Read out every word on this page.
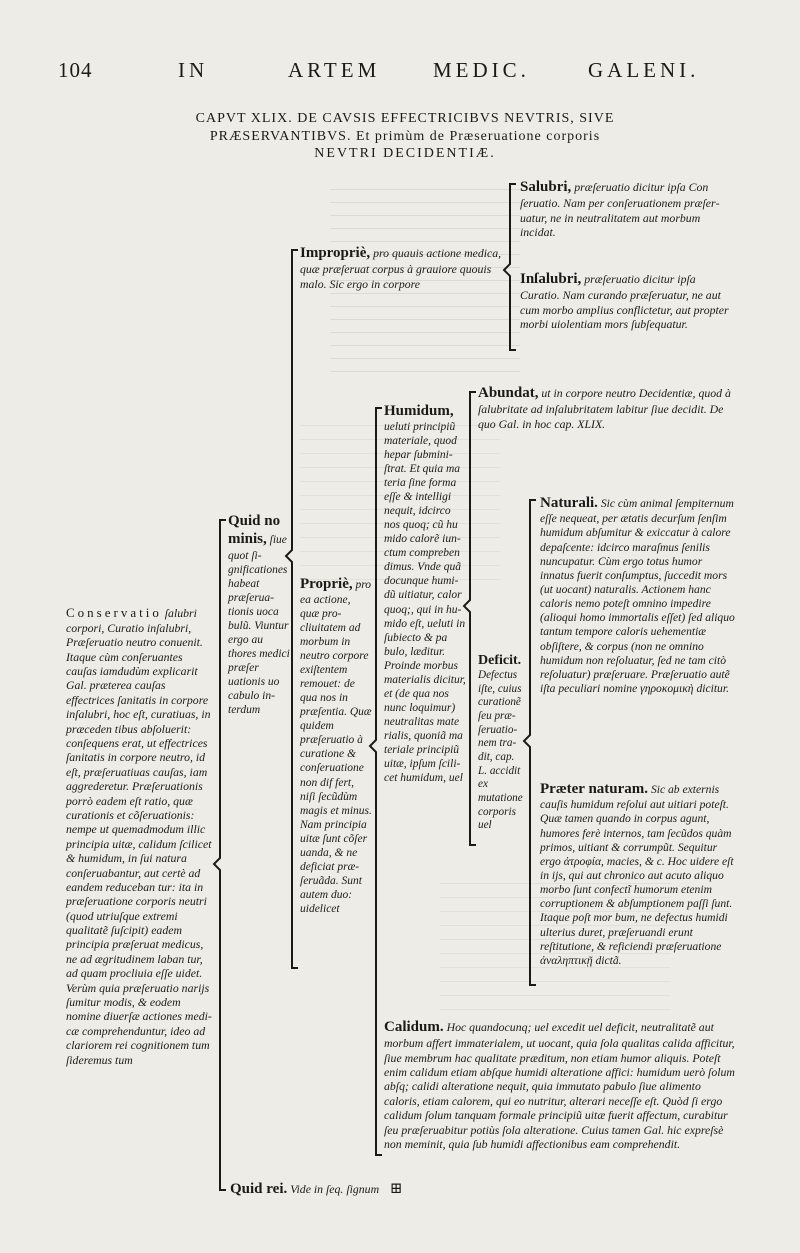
104	IN	ARTEM	MEDIC.	GALENI.
CAPVT XLIX. DE CAVSIS EFFECTRICIBVS NEVTRIS, SIVE
PRÆSERVANTIBVS. Et primùm de Præseruatione corporis
NEVTRI DECIDENTIÆ.
Conservatio ſalubri corpori, Curatio inſalubri, Præſeruatio neutro conuenit. Itaque cùm conſeruantes cauſas iamdudùm explicarit Gal. præterea cauſas effectrices ſanitatis in corpore inſalubri, hoc eſt, curatiuas, in præceden tibus abſoluerit: conſequens erat, ut effectrices ſanitatis in corpore neutro, id eſt, præſeruatiuas cauſas, iam aggrederetur. Præſeruationis porrò eadem eſt ratio, quæ curationis et cõſeruationis: nempe ut quemadmodum illic principia uitæ, calidum ſcilicet & humidum, in ſui natura conſeruabantur, aut certè ad eandem reduceban tur: ita in præſeruatione corporis neutri (quod utriuſque extremi qualitatẽ ſuſcipit) eadem principia præſeruat medicus, ne ad ægritudinem laban tur, ad quam procliuia eſſe uidet. Verùm quia præſeruatio narijs ſumitur modis, & eodem nomine diuerſæ actiones medicæ comprehenduntur, ideo ad clariorem rei cognitionem tum ſideremus tum
Quid no minis, ſiue quot ſignificationes habeat præſeruationis uoca bulũ. Viuntur ergo au thores medici præſer uationis uo cabulo interdum
Impropriè, pro quauis actione medica, quæ præſeruat corpus à grauiore quouis malo. Sic ergo in corpore
Salubri, præſeruatio dicitur ipſa Con ſeruatio. Nam per conſeruationem præſeruatur, ne in neutralitatem aut morbum incidat.
Inſalubri, præſeruatio dicitur ipſa Curatio. Nam curando præſeruatur, ne aut cum morbo amplius conflictetur, aut propter morbi uiolentiam mors ſubſequatur.
Propriè, pro ea actione, quæ procliuitatem ad morbum in neutro corpore exiſtentem remouet: de qua nos in præſentia. Quæ quidem præſeruatio à curatione & conſeruatione non dif fert, niſi ſecũdùm magis et minus. Nam principia uitæ ſunt cõſer uanda, & ne deficiat præſeruãda. Sunt autem duo: uidelicet
Humidum, ueluti principiũ materiale, quod hepar ſubminiſtrat. Et quia ma teria ſine forma eſſe & intelligi nequit, idcirco nos quoq; cũ hu mido calorẽ iunctum compreben dimus. Vnde quã docunque humidũ uitiatur, calor quoq;, qui in humido eſt, ueluti in ſubiecto & pa bulo, læditur. Proinde morbus materialis dicitur, et (de qua nos nunc loquimur) neutralitas mate rialis, quoniã ma teriale principiũ uitæ, ipſum ſcilicet humidum, uel
Abundat, ut in corpore neutro Decidentiæ, quod à ſalubritate ad inſalubritatem labitur ſiue decidit. De quo Gal. in hoc cap. XLIX.
Deficit. Defectus iſte, cuius curationẽ ſeu præſeruationem tradit, cap. L. accidit ex mutatione corporis uel
Naturali. Sic cùm animal ſempiternum eſſe nequeat, per ætatis decurſum ſenſim humidum abſumitur & exiccatur à calore depaſcente: idcirco maraſmus ſenilis nuncupatur. Cùm ergo totus humor innatus fuerit conſumptus, ſuccedit mors (ut uocant) naturalis. Actionem hanc caloris nemo poteſt omnino impedire (alioqui homo immortalis eſſet) ſed aliquo tantum tempore caloris uehementiæ obſiſtere, & corpus (non ne omnino humidum non reſoluatur, ſed ne tam citò reſoluatur) præſeruare. Præſeruatio autẽ iſta peculiari nomine γηροκομικὴ dicitur.
Præter naturam. Sic ab externis cauſis humidum reſolui aut uitiari poteſt. Quæ tamen quando in corpus agunt, humores ferè internos, tam ſecũdos quàm primos, uitiant & corrumpũt. Sequitur ergo ἀτροφία, macies, & c. Hoc uidere eſt in ijs, qui aut chronico aut acuto aliquo morbo ſunt confectĩ humorum etenim corruptionem & abſumptionem paſſi ſunt. Itaque poſt mor bum, ne defectus humidi ulterius duret, præſeruandi erunt reſtitutione, & reficiendi præſeruatione ἀναληπτικῇ dictã.
Calidum. Hoc quandocunq; uel excedit uel deficit, neutralitatẽ aut morbum affert immaterialem, ut uocant, quia ſola qualitas calida afficitur, ſiue membrum hac qualitate præditum, non etiam humor aliquis. Poteſt enim calidum etiam abſque humidi alteratione affici: humidum uerò ſolum abſq; calidi alteratione nequit, quia immutato pabulo ſiue alimento caloris, etiam calorem, qui eo nutritur, alterari neceſſe eſt. Quòd ſi ergo calidum ſolum tanquam formale principiũ uitæ fuerit affectum, curabitur ſeu præſeruabitur potiùs ſola alteratione. Cuius tamen Gal. hic expreſsè non meminit, quia ſub humidi affectionibus eam comprehendit.
Quid rei. Vide in ſeq. ſignum ⊞
